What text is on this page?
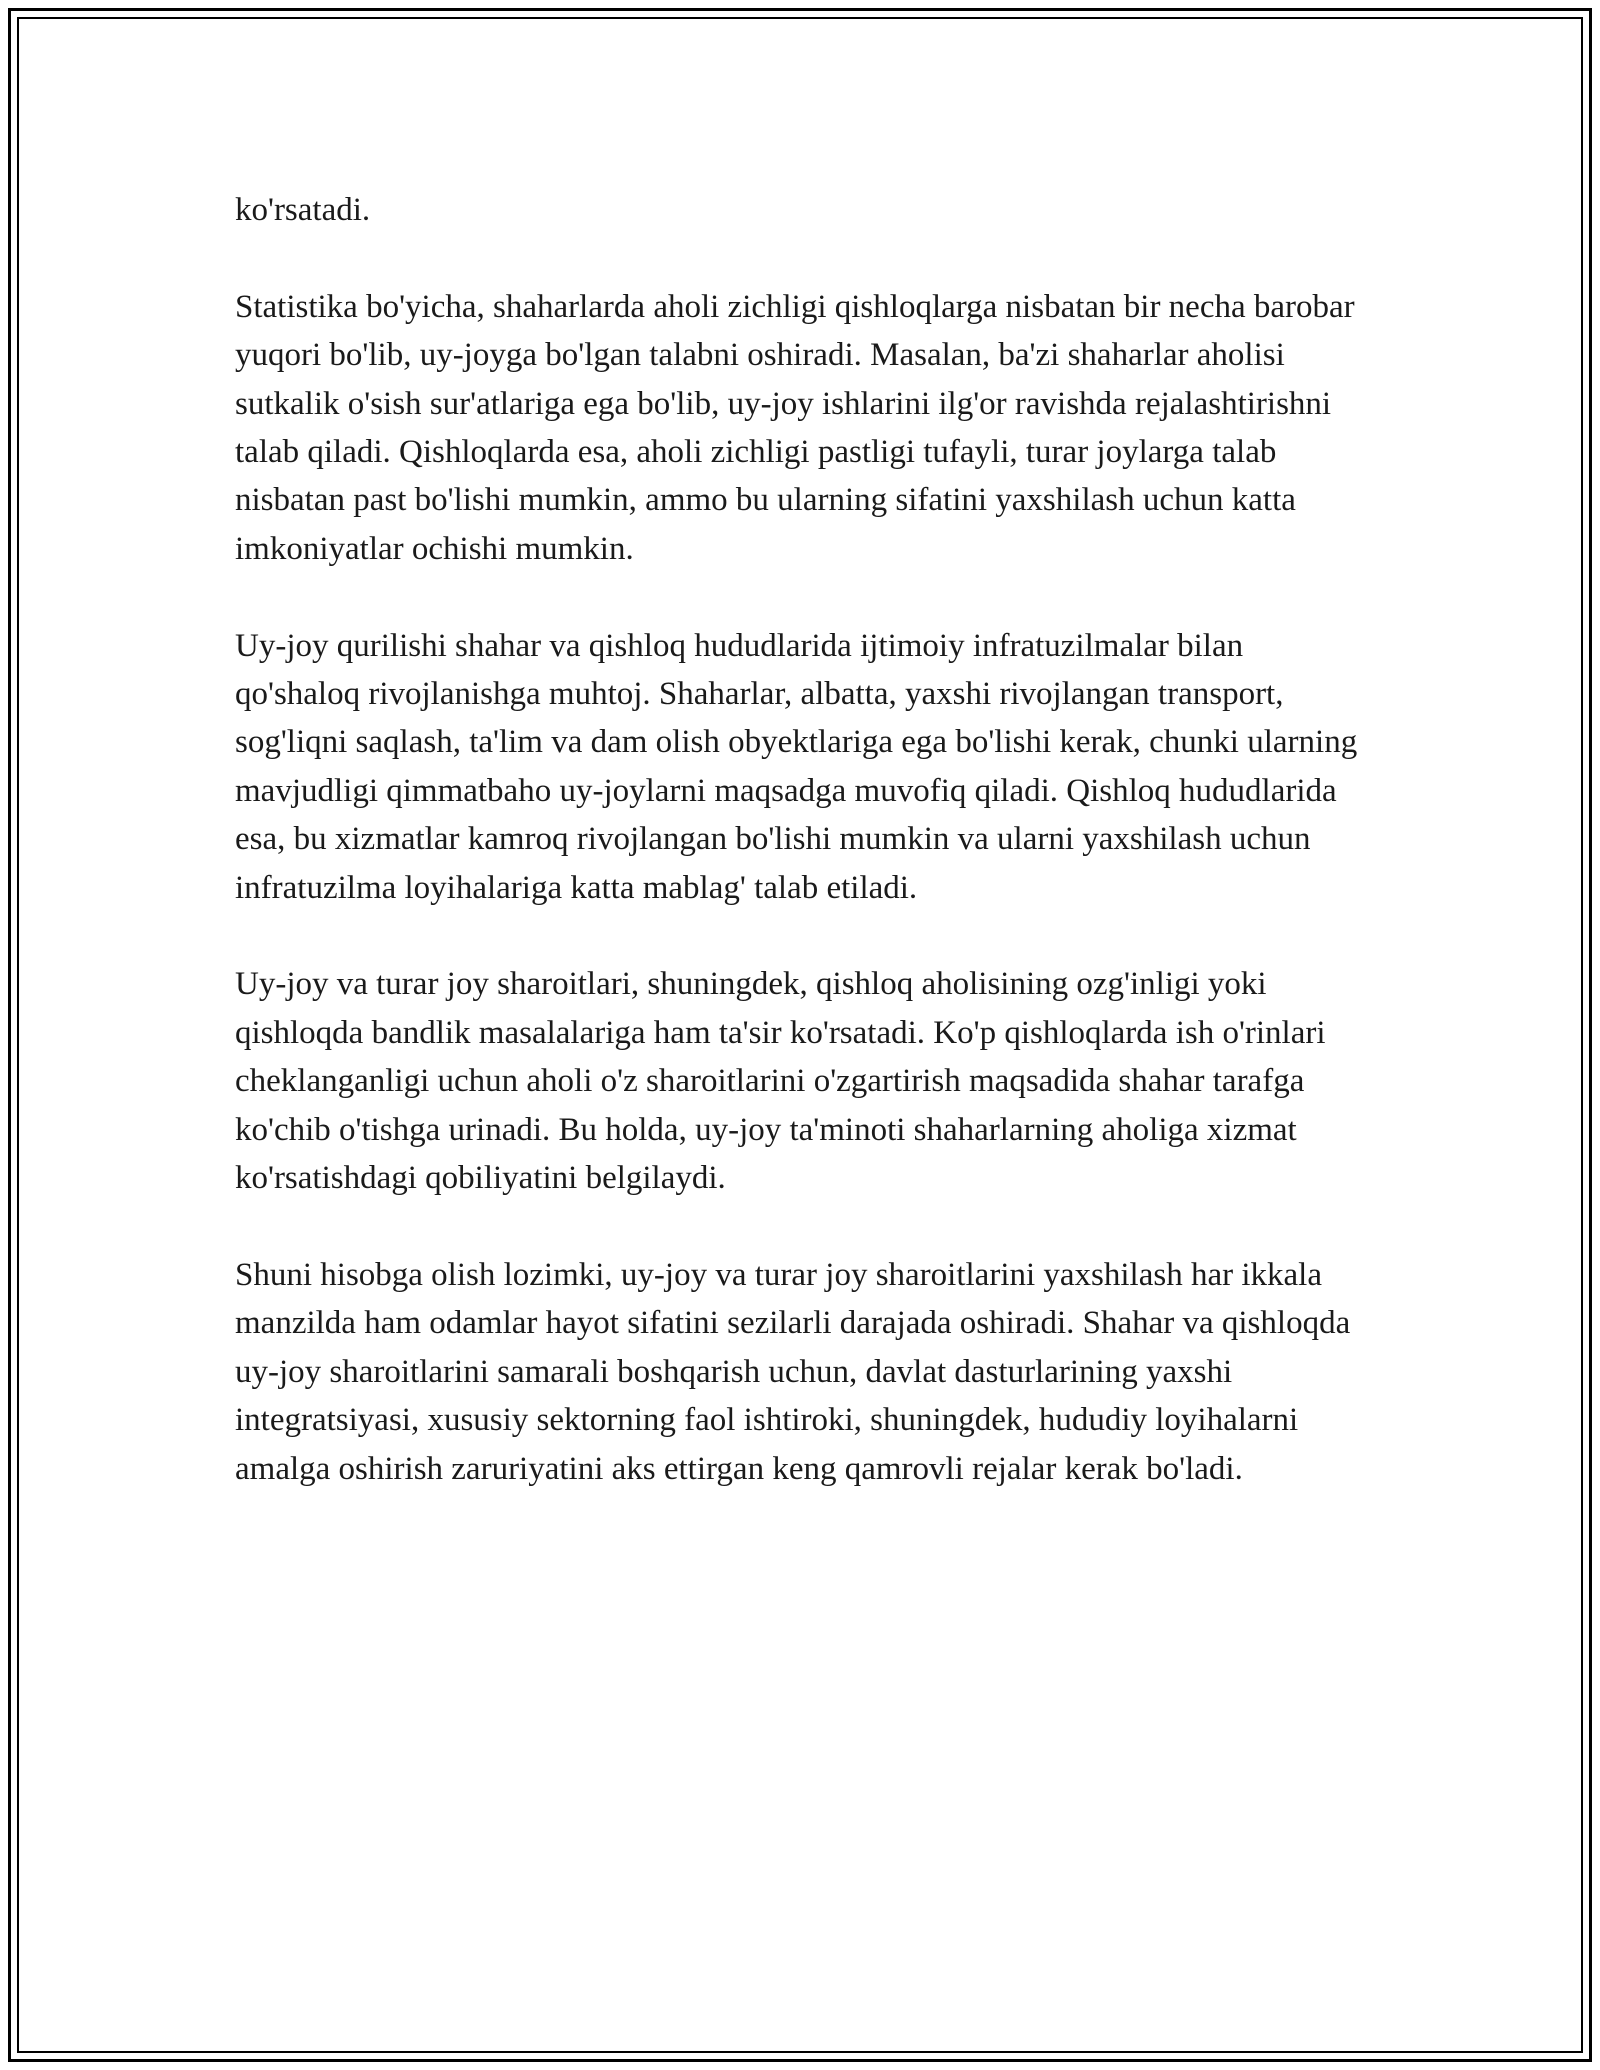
ko'rsatadi.

Statistika bo'yicha, shaharlarda aholi zichligi qishloqlarga nisbatan bir necha barobar yuqori bo'lib, uy-joyga bo'lgan talabni oshiradi. Masalan, ba'zi shaharlar aholisi sutkalik o'sish sur'atlariga ega bo'lib, uy-joy ishlarini ilg'or ravishda rejalashtirishni talab qiladi. Qishloqlarda esa, aholi zichligi pastligi tufayli, turar joylarga talab nisbatan past bo'lishi mumkin, ammo bu ularning sifatini yaxshilash uchun katta imkoniyatlar ochishi mumkin.

Uy-joy qurilishi shahar va qishloq hududlarida ijtimoiy infratuzilmalar bilan qo'shaloq rivojlanishga muhtoj. Shaharlar, albatta, yaxshi rivojlangan transport, sog'liqni saqlash, ta'lim va dam olish obyektlariga ega bo'lishi kerak, chunki ularning mavjudligi qimmatbaho uy-joylarni maqsadga muvofiq qiladi. Qishloq hududlarida esa, bu xizmatlar kamroq rivojlangan bo'lishi mumkin va ularni yaxshilash uchun infratuzilma loyihalariga katta mablag' talab etiladi.

Uy-joy va turar joy sharoitlari, shuningdek, qishloq aholisining ozg'inligi yoki qishloqda bandlik masalalariga ham ta'sir ko'rsatadi. Ko'p qishloqlarda ish o'rinlari cheklanganligi uchun aholi o'z sharoitlarini o'zgartirish maqsadida shahar tarafga ko'chib o'tishga urinadi. Bu holda, uy-joy ta'minoti shaharlarning aholiga xizmat ko'rsatishdagi qobiliyatini belgilaydi.

Shuni hisobga olish lozimki, uy-joy va turar joy sharoitlarini yaxshilash har ikkala manzilda ham odamlar hayot sifatini sezilarli darajada oshiradi. Shahar va qishloqda uy-joy sharoitlarini samarali boshqarish uchun, davlat dasturlarining yaxshi integratsiyasi, xususiy sektorning faol ishtiroki, shuningdek, hududiy loyihalarni amalga oshirish zaruriyatini aks ettirgan keng qamrovli rejalar kerak bo'ladi.
